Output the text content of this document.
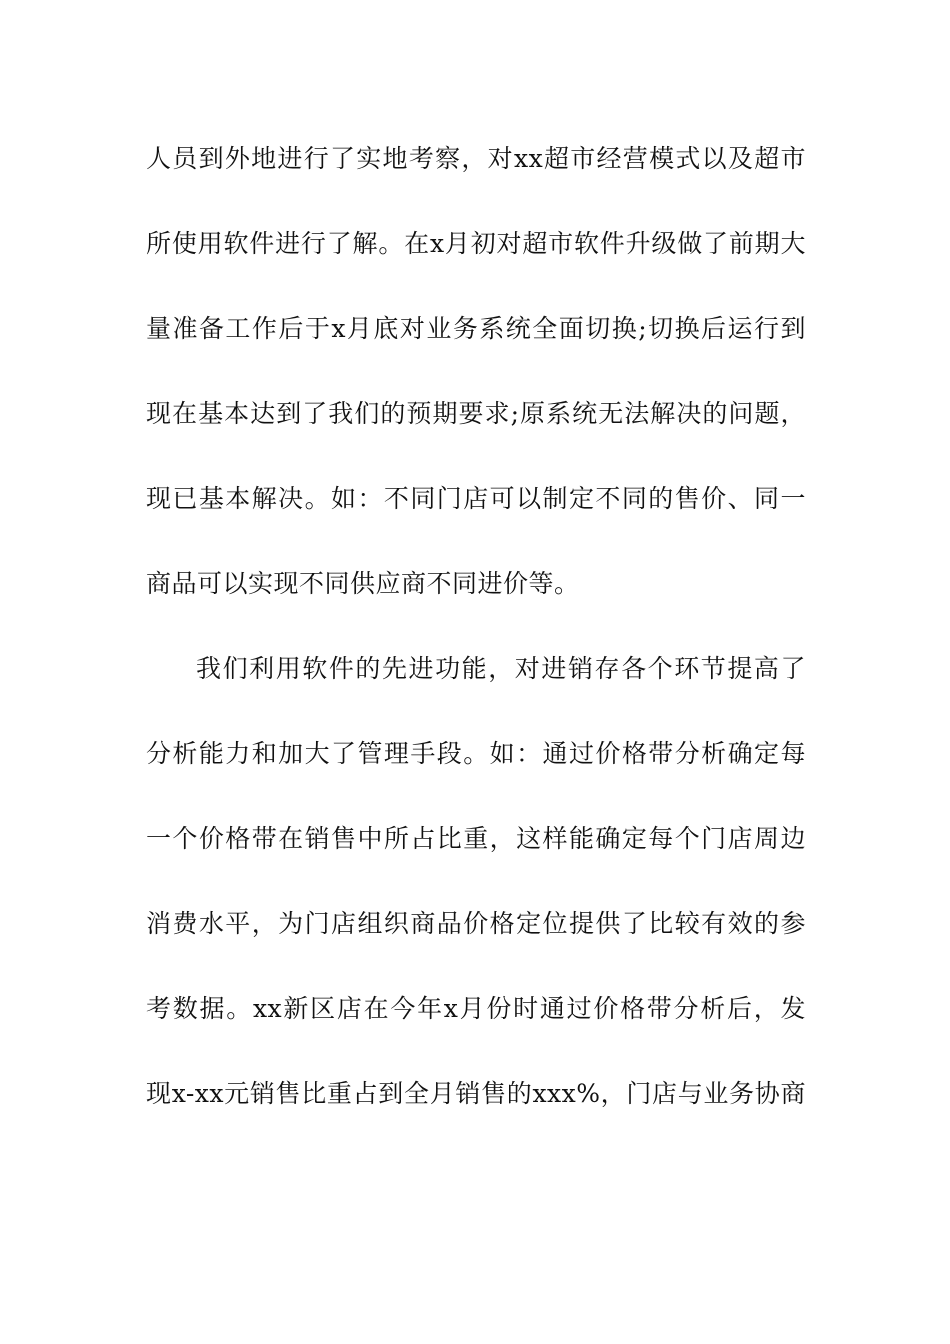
人员到外地进行了实地考察，对xx超市经营模式以及超市
所使用软件进行了解。在x月初对超市软件升级做了前期大
量准备工作后于x月底对业务系统全面切换;切换后运行到
现在基本达到了我们的预期要求;原系统无法解决的问题，
现已基本解决。如：不同门店可以制定不同的售价、同一
商品可以实现不同供应商不同进价等。
我们利用软件的先进功能，对进销存各个环节提高了
分析能力和加大了管理手段。如：通过价格带分析确定每
一个价格带在销售中所占比重，这样能确定每个门店周边
消费水平，为门店组织商品价格定位提供了比较有效的参
考数据。xx新区店在今年x月份时通过价格带分析后，发
现x-xx元销售比重占到全月销售的xxx%，门店与业务协商
